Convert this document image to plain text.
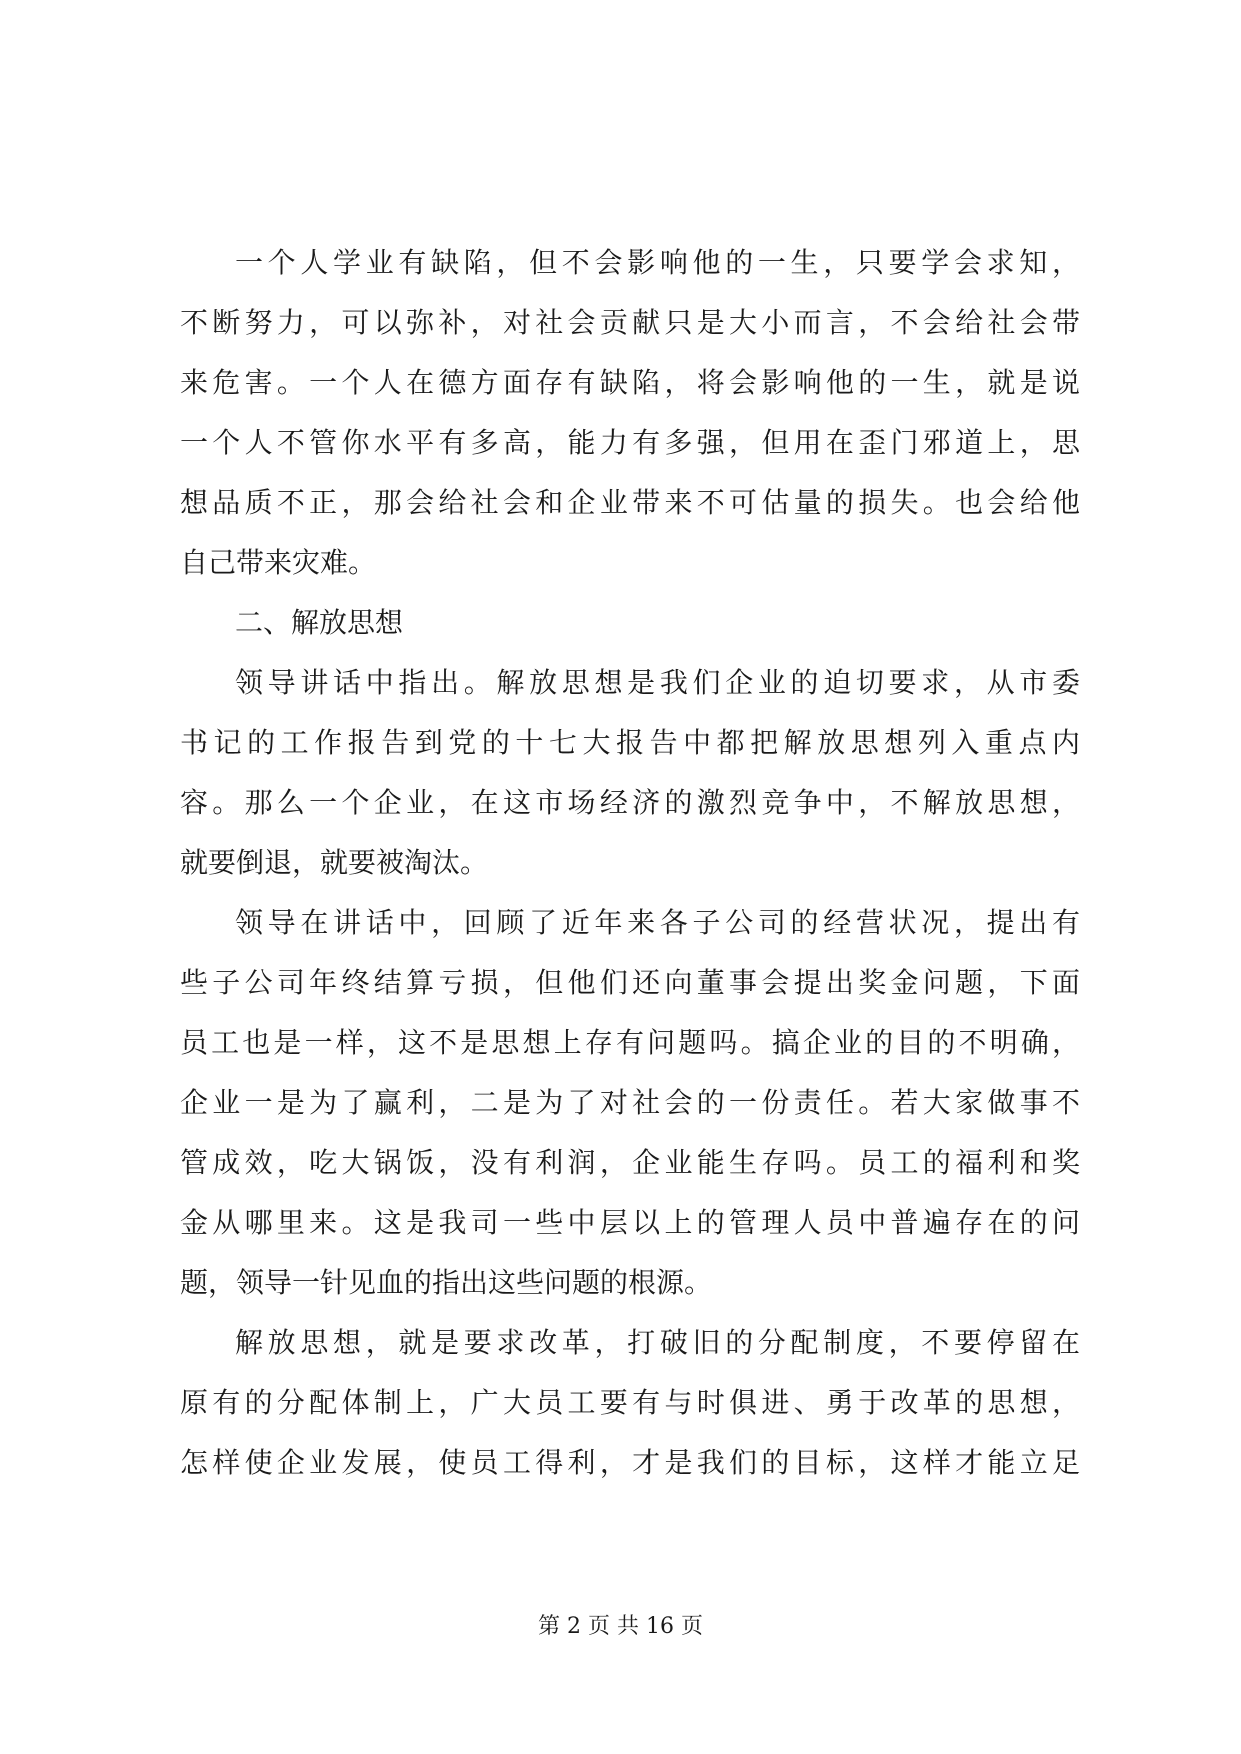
一个人学业有缺陷，但不会影响他的一生，只要学会求知，
不断努力，可以弥补，对社会贡献只是大小而言，不会给社会带
来危害。一个人在德方面存有缺陷，将会影响他的一生，就是说
一个人不管你水平有多高，能力有多强，但用在歪门邪道上，思
想品质不正，那会给社会和企业带来不可估量的损失。也会给他
自己带来灾难。
二、解放思想
领导讲话中指出。解放思想是我们企业的迫切要求，从市委
书记的工作报告到党的十七大报告中都把解放思想列入重点内
容。那么一个企业，在这市场经济的激烈竞争中，不解放思想，
就要倒退，就要被淘汰。
领导在讲话中，回顾了近年来各子公司的经营状况，提出有
些子公司年终结算亏损，但他们还向董事会提出奖金问题，下面
员工也是一样，这不是思想上存有问题吗。搞企业的目的不明确，
企业一是为了赢利，二是为了对社会的一份责任。若大家做事不
管成效，吃大锅饭，没有利润，企业能生存吗。员工的福利和奖
金从哪里来。这是我司一些中层以上的管理人员中普遍存在的问
题，领导一针见血的指出这些问题的根源。
解放思想，就是要求改革，打破旧的分配制度，不要停留在
原有的分配体制上，广大员工要有与时俱进、勇于改革的思想，
怎样使企业发展，使员工得利，才是我们的目标，这样才能立足
第 2 页 共 16 页
